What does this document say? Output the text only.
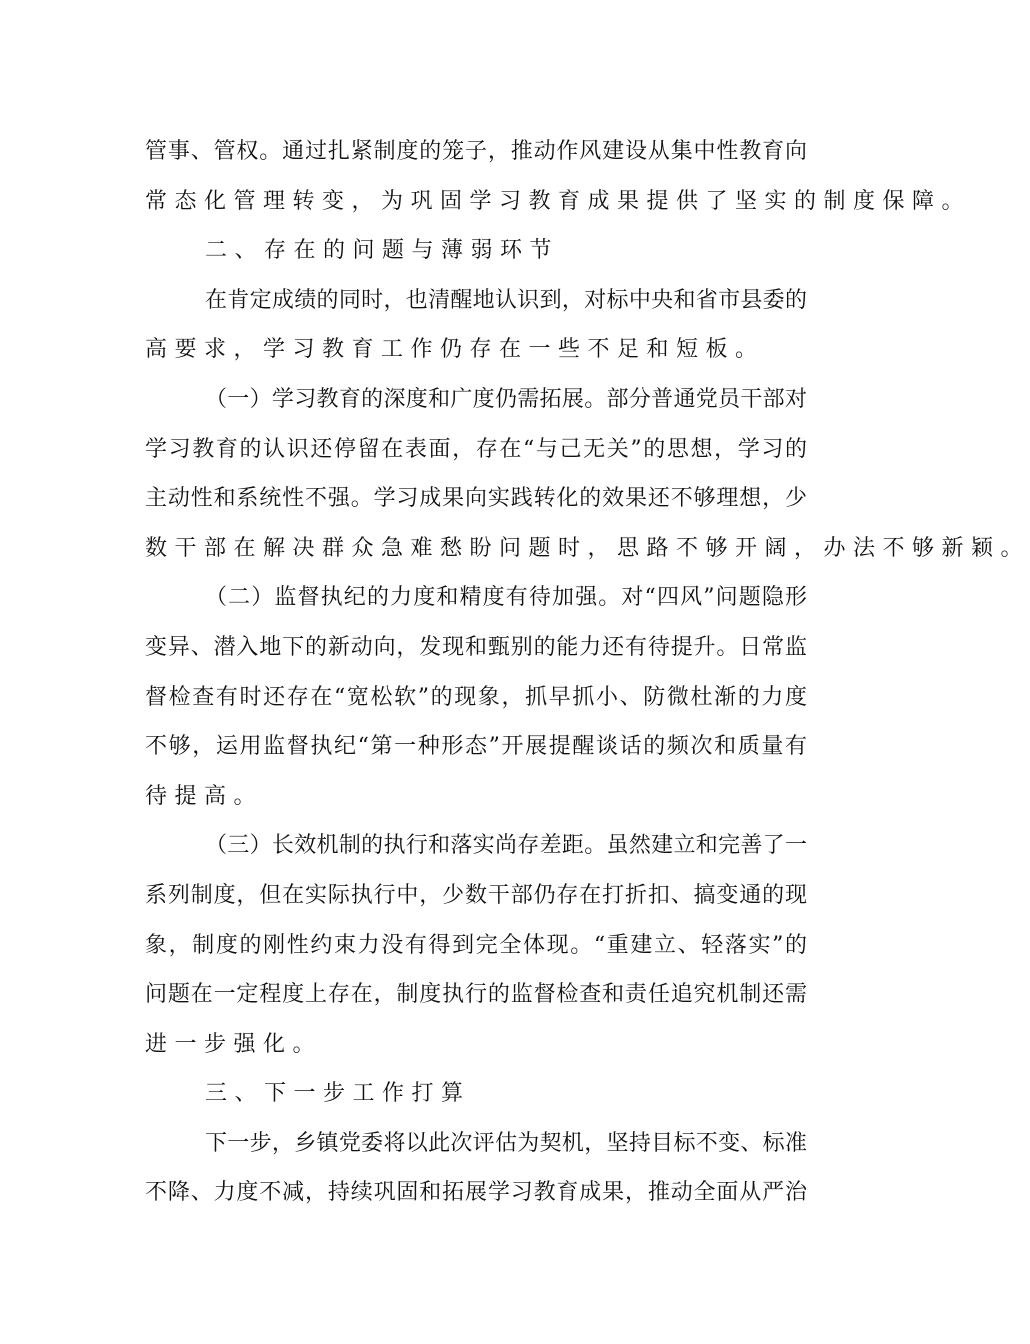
管事、管权。通过扎紧制度的笼子，推动作风建设从集中性教育向
常态化管理转变，为巩固学习教育成果提供了坚实的制度保障。
二、存在的问题与薄弱环节
在肯定成绩的同时，也清醒地认识到，对标中央和省市县委的
高要求，学习教育工作仍存在一些不足和短板。
（一）学习教育的深度和广度仍需拓展。部分普通党员干部对
学习教育的认识还停留在表面，存在“与己无关”的思想，学习的
主动性和系统性不强。学习成果向实践转化的效果还不够理想，少
数干部在解决群众急难愁盼问题时，思路不够开阔，办法不够新颖。
（二）监督执纪的力度和精度有待加强。对“四风”问题隐形
变异、潜入地下的新动向，发现和甄别的能力还有待提升。日常监
督检查有时还存在“宽松软”的现象，抓早抓小、防微杜渐的力度
不够，运用监督执纪“第一种形态”开展提醒谈话的频次和质量有
待提高。
（三）长效机制的执行和落实尚存差距。虽然建立和完善了一
系列制度，但在实际执行中，少数干部仍存在打折扣、搞变通的现
象，制度的刚性约束力没有得到完全体现。“重建立、轻落实”的
问题在一定程度上存在，制度执行的监督检查和责任追究机制还需
进一步强化。
三、下一步工作打算
下一步，乡镇党委将以此次评估为契机，坚持目标不变、标准
不降、力度不减，持续巩固和拓展学习教育成果，推动全面从严治
